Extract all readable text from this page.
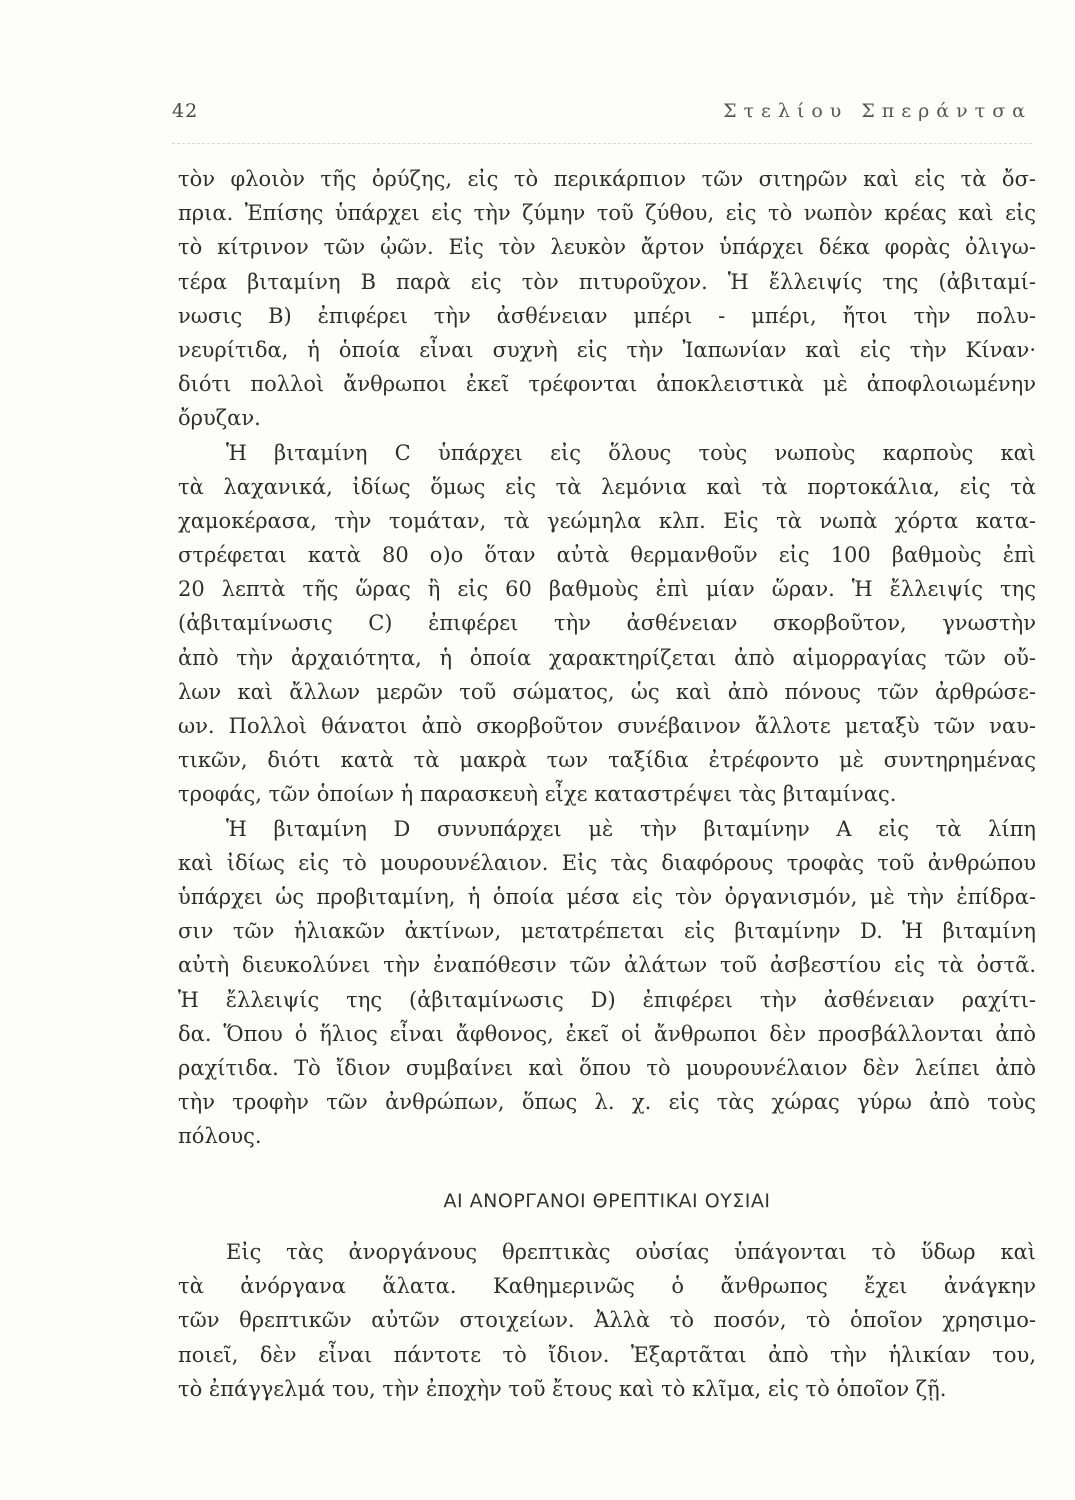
42	Στελίου Σπεράντσα
τὸν φλοιὸν τῆς ὀρύζης, εἰς τὸ περικάρπιον τῶν σιτηρῶν καὶ εἰς τὰ ὄσ-
πρια. Ἐπίσης ὑπάρχει εἰς τὴν ζύμην τοῦ ζύθου, εἰς τὸ νωπὸν κρέας καὶ εἰς
τὸ κίτρινον τῶν ᾠῶν. Εἰς τὸν λευκὸν ἄρτον ὑπάρχει δέκα φορὰς ὀλιγω-
τέρα βιταμίνη B παρὰ εἰς τὸν πιτυροῦχον. Ἡ ἔλλειψίς της (ἀβιταμί-
νωσις B) ἐπιφέρει τὴν ἀσθένειαν μπέρι - μπέρι, ἤτοι τὴν πολυ-
νευρίτιδα, ἡ ὁποία εἶναι συχνὴ εἰς τὴν Ἰαπωνίαν καὶ εἰς τὴν Κίναν·
διότι πολλοὶ ἄνθρωποι ἐκεῖ τρέφονται ἀποκλειστικὰ μὲ ἀποφλοιωμένην
ὄρυζαν.
Ἡ βιταμίνη C ὑπάρχει εἰς ὅλους τοὺς νωποὺς καρποὺς καὶ
τὰ λαχανικά, ἰδίως ὅμως εἰς τὰ λεμόνια καὶ τὰ πορτοκάλια, εἰς τὰ
χαμοκέρασα, τὴν τομάταν, τὰ γεώμηλα κλπ. Εἰς τὰ νωπὰ χόρτα κατα-
στρέφεται κατὰ 80 ο)ο ὅταν αὐτὰ θερμανθοῦν εἰς 100 βαθμοὺς ἐπὶ
20 λεπτὰ τῆς ὥρας ἢ εἰς 60 βαθμοὺς ἐπὶ μίαν ὥραν. Ἡ ἔλλειψίς της
(ἀβιταμίνωσις C) ἐπιφέρει τὴν ἀσθένειαν σκορβοῦτον, γνωστὴν
ἀπὸ τὴν ἀρχαιότητα, ἡ ὁποία χαρακτηρίζεται ἀπὸ αἱμορραγίας τῶν οὔ-
λων καὶ ἄλλων μερῶν τοῦ σώματος, ὡς καὶ ἀπὸ πόνους τῶν ἀρθρώσε-
ων. Πολλοὶ θάνατοι ἀπὸ σκορβοῦτον συνέβαινον ἄλλοτε μεταξὺ τῶν ναυ-
τικῶν, διότι κατὰ τὰ μακρὰ των ταξίδια ἐτρέφοντο μὲ συντηρημένας
τροφάς, τῶν ὁποίων ἡ παρασκευὴ εἶχε καταστρέψει τὰς βιταμίνας.
Ἡ βιταμίνη D συνυπάρχει μὲ τὴν βιταμίνην A εἰς τὰ λίπη
καὶ ἰδίως εἰς τὸ μουρουνέλαιον. Εἰς τὰς διαφόρους τροφὰς τοῦ ἀνθρώπου
ὑπάρχει ὡς προβιταμίνη, ἡ ὁποία μέσα εἰς τὸν ὀργανισμόν, μὲ τὴν ἐπίδρα-
σιν τῶν ἡλιακῶν ἀκτίνων, μετατρέπεται εἰς βιταμίνην D. Ἡ βιταμίνη
αὐτὴ διευκολύνει τὴν ἐναπόθεσιν τῶν ἀλάτων τοῦ ἀσβεστίου εἰς τὰ ὀστᾶ.
Ἡ ἔλλειψίς της (ἀβιταμίνωσις D) ἐπιφέρει τὴν ἀσθένειαν ραχίτι-
δα. Ὅπου ὁ ἥλιος εἶναι ἄφθονος, ἐκεῖ οἱ ἄνθρωποι δὲν προσβάλλονται ἀπὸ
ραχίτιδα. Τὸ ἴδιον συμβαίνει καὶ ὅπου τὸ μουρουνέλαιον δὲν λείπει ἀπὸ
τὴν τροφὴν τῶν ἀνθρώπων, ὅπως λ. χ. εἰς τὰς χώρας γύρω ἀπὸ τοὺς
πόλους.
ΑΙ ΑΝΟΡΓΑΝΟΙ ΘΡΕΠΤΙΚΑΙ ΟΥΣΙΑΙ
Εἰς τὰς ἀνοργάνους θρεπτικὰς οὐσίας ὑπάγονται τὸ ὕδωρ καὶ
τὰ ἀνόργανα ἅλατα. Καθημερινῶς ὁ ἄνθρωπος ἔχει ἀνάγκην
τῶν θρεπτικῶν αὐτῶν στοιχείων. Ἀλλὰ τὸ ποσόν, τὸ ὁποῖον χρησιμο-
ποιεῖ, δὲν εἶναι πάντοτε τὸ ἴδιον. Ἐξαρτᾶται ἀπὸ τὴν ἡλικίαν του,
τὸ ἐπάγγελμά του, τὴν ἐποχὴν τοῦ ἔτους καὶ τὸ κλῖμα, εἰς τὸ ὁποῖον ζῇ.
